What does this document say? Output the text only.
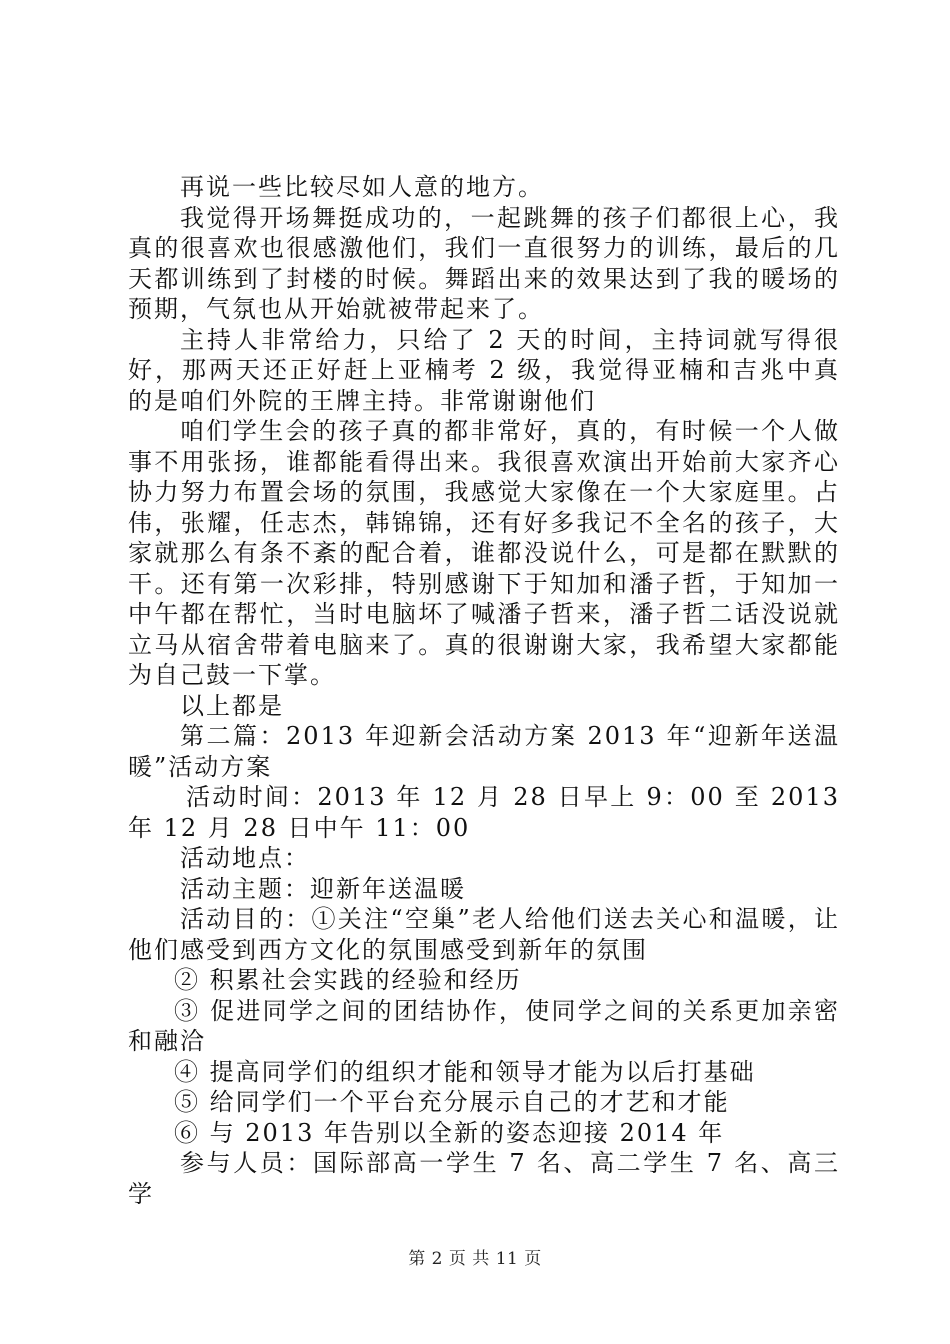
再说一些比较尽如人意的地方。

我觉得开场舞挺成功的，一起跳舞的孩子们都很上心，我真的很喜欢也很感激他们，我们一直很努力的训练，最后的几天都训练到了封楼的时候。舞蹈出来的效果达到了我的暖场的预期，气氛也从开始就被带起来了。

主持人非常给力，只给了 2 天的时间，主持词就写得很好，那两天还正好赶上亚楠考 2 级，我觉得亚楠和吉兆中真的是咱们外院的王牌主持。非常谢谢他们

咱们学生会的孩子真的都非常好，真的，有时候一个人做事不用张扬，谁都能看得出来。我很喜欢演出开始前大家齐心协力努力布置会场的氛围，我感觉大家像在一个大家庭里。占伟，张耀，任志杰，韩锦锦，还有好多我记不全名的孩子，大家就那么有条不紊的配合着，谁都没说什么，可是都在默默的干。还有第一次彩排，特别感谢下于知加和潘子哲，于知加一中午都在帮忙，当时电脑坏了喊潘子哲来，潘子哲二话没说就立马从宿舍带着电脑来了。真的很谢谢大家，我希望大家都能为自己鼓一下掌。

以上都是

第二篇：2013 年迎新会活动方案 2013 年“迎新年送温暖”活动方案

活动时间：2013 年 12 月 28 日早上 9：00 至 2013 年 12 月 28 日中午 11：00

活动地点：

活动主题：迎新年送温暖

活动目的：①关注“空巢”老人给他们送去关心和温暖，让他们感受到西方文化的氛围感受到新年的氛围

② 积累社会实践的经验和经历

③ 促进同学之间的团结协作，使同学之间的关系更加亲密和融洽

④ 提高同学们的组织才能和领导才能为以后打基础

⑤ 给同学们一个平台充分展示自己的才艺和才能

⑥ 与 2013 年告别以全新的姿态迎接 2014 年

参与人员：国际部高一学生 7 名、高二学生 7 名、高三学

第 2 页 共 11 页
